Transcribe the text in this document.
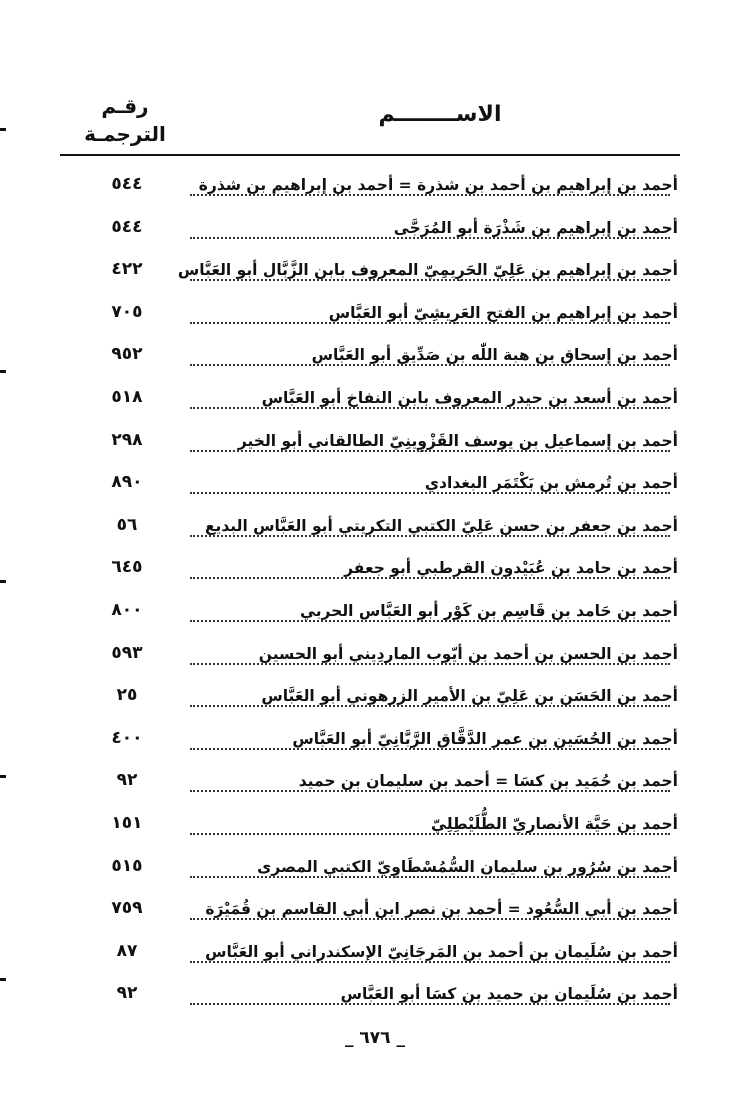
الاســــــــم
رقـم
الترجمـة
أحمد بن إبراهيم بن أحمد بن شذرة = أحمد بن إبراهيم بن شذرة
٥٤٤
أحمد بن إبراهيم بن شَذْرَة أبو المُرَجَّى
٥٤٤
أحمد بن إبراهيم بن عَلِيّ الحَرِيمِيّ المعروف بابن الزَّبَّال أبو العَبَّاس
٤٢٢
أحمد بن إبراهيم بن الفتح العَرِيشِيّ أبو العَبَّاس
٧٠٥
أحمد بن إسحاق بن هبة اللّٰه بن صَدِّيق أبو العَبَّاس
٩٥٢
أحمد بن أسعد بن حيدر المعروف بابن النفاخ أبو العَبَّاس
٥١٨
أحمد بن إسماعيل بن يوسف القَزْوِينِيّ الطالقاني أبو الخير
٢٩٨
أحمد بن تُرمش بن بَكْتَمَر البغدادي
٨٩٠
أحمد بن جعفر بن حسن عَلِيّ الكتبي التكريتي أبو العَبَّاس البديع
٥٦
أحمد بن حامد بن عُبَيْدون القرطبي أبو جعفر
٦٤٥
أحمد بن حَامد بن قَاسِم بن كَوْر أبو العَبَّاس الحربي
٨٠٠
أحمد بن الحسن بن أحمد بن أيّوب الماردِيني أبو الحسين
٥٩٣
أحمد بن الحَسَن بن عَلِيّ بن الأمير الزرهوني أبو العَبَّاس
٢٥
أحمد بن الحُسَين بن عمر الدَّقَّاق الرَّبَّانِيّ أبو العَبَّاس
٤٠٠
أحمد بن حُمَيد بن كسَا = أحمد بن سليمان بن حميد
٩٢
أحمد بن حَيَّة الأنصاريّ الطُّلَيْطِلِيّ
١٥١
أحمد بن سُرُور بن سليمان السُّمُسْطَاوِيّ الكتبي المصرى
٥١٥
أحمد بن أبي السُّعُود = أحمد بن نصر ابن أبي القاسم بن قُمَيْرَة
٧٥٩
أحمد بن سُلَيمان بن أحمد بن المَرجَانِيّ الإسكندراني أبو العَبَّاس
٨٧
أحمد بن سُلَيمان بن حميد بن كسَا أبو العَبَّاس
٩٢
_ ٦٧٦ _
